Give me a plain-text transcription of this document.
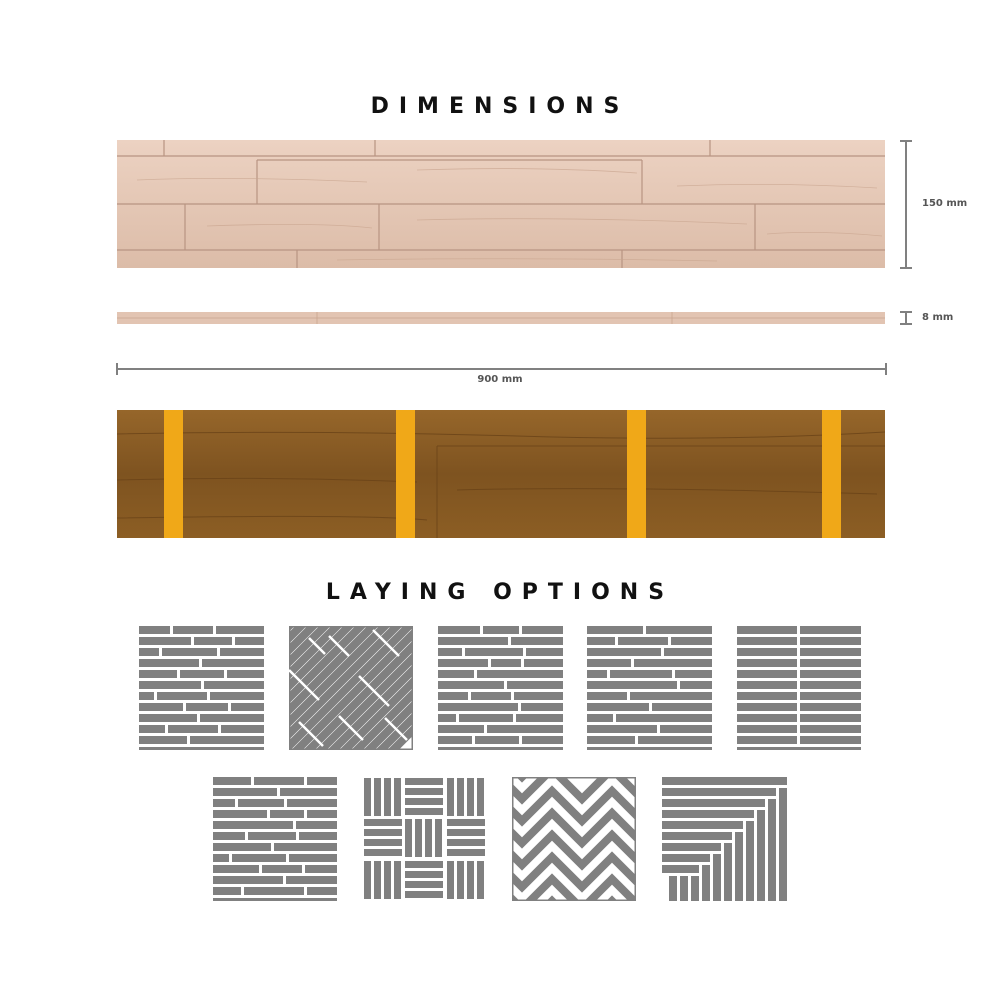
DIMENSIONS
LAYING OPTIONS
150 mm
8 mm
900 mm
